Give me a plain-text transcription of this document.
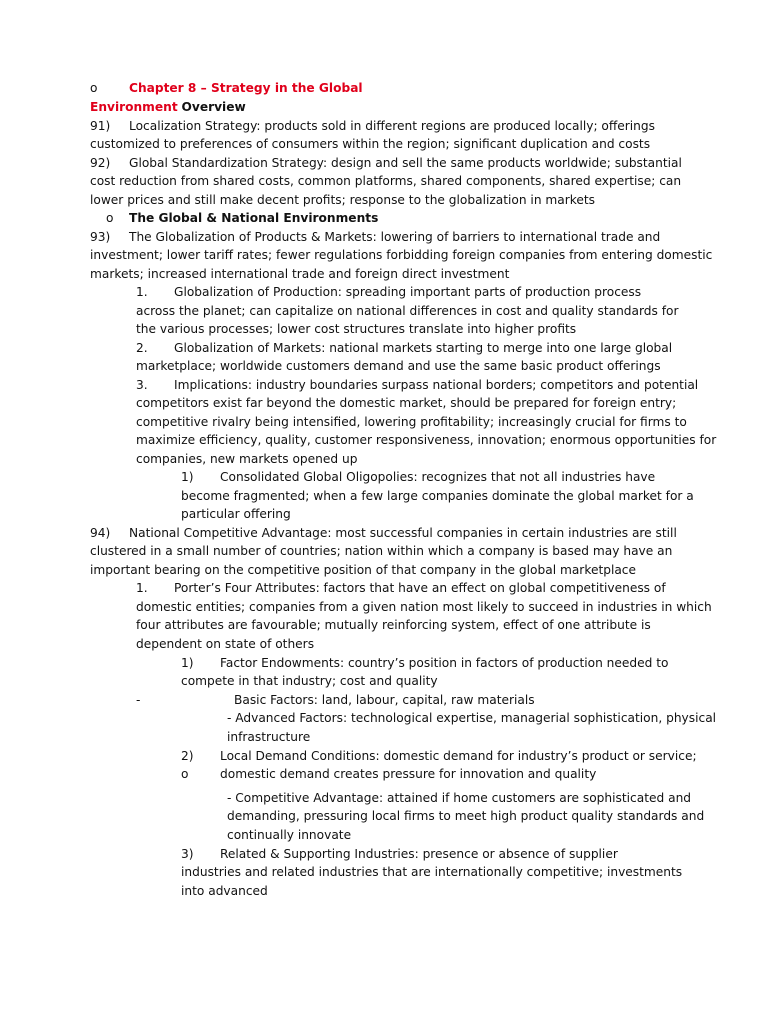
o	Chapter 8 – Strategy in the Global
Environment Overview
91) Localization Strategy: products sold in different regions are produced locally; offerings
customized to preferences of consumers within the region; significant duplication and costs
92) Global Standardization Strategy: design and sell the same products worldwide; substantial
cost reduction from shared costs, common platforms, shared components, shared expertise; can
lower prices and still make decent profits; response to the globalization in markets
o The Global & National Environments
93) The Globalization of Products & Markets: lowering of barriers to international trade and
investment; lower tariff rates; fewer regulations forbidding foreign companies from entering domestic
markets; increased international trade and foreign direct investment
1. Globalization of Production: spreading important parts of production process
across the planet; can capitalize on national differences in cost and quality standards for
the various processes; lower cost structures translate into higher profits
2. Globalization of Markets: national markets starting to merge into one large global
marketplace; worldwide customers demand and use the same basic product offerings
3. Implications: industry boundaries surpass national borders; competitors and potential
competitors exist far beyond the domestic market, should be prepared for foreign entry;
competitive rivalry being intensified, lowering profitability; increasingly crucial for firms to
maximize efficiency, quality, customer responsiveness, innovation; enormous opportunities for
companies, new markets opened up
1) Consolidated Global Oligopolies: recognizes that not all industries have
become fragmented; when a few large companies dominate the global market for a
particular offering
94) National Competitive Advantage: most successful companies in certain industries are still
clustered in a small number of countries; nation within which a company is based may have an
important bearing on the competitive position of that company in the global marketplace
1. Porter’s Four Attributes: factors that have an effect on global competitiveness of
domestic entities; companies from a given nation most likely to succeed in industries in which
four attributes are favourable; mutually reinforcing system, effect of one attribute is
dependent on state of others
1) Factor Endowments: country’s position in factors of production needed to
compete in that industry; cost and quality
-	Basic Factors: land, labour, capital, raw materials
- Advanced Factors: technological expertise, managerial sophistication, physical
infrastructure
2) Local Demand Conditions: domestic demand for industry’s product or service;
o	domestic demand creates pressure for innovation and quality
- Competitive Advantage: attained if home customers are sophisticated and
demanding, pressuring local firms to meet high product quality standards and
continually innovate
3) Related & Supporting Industries: presence or absence of supplier
industries and related industries that are internationally competitive; investments
into advanced
